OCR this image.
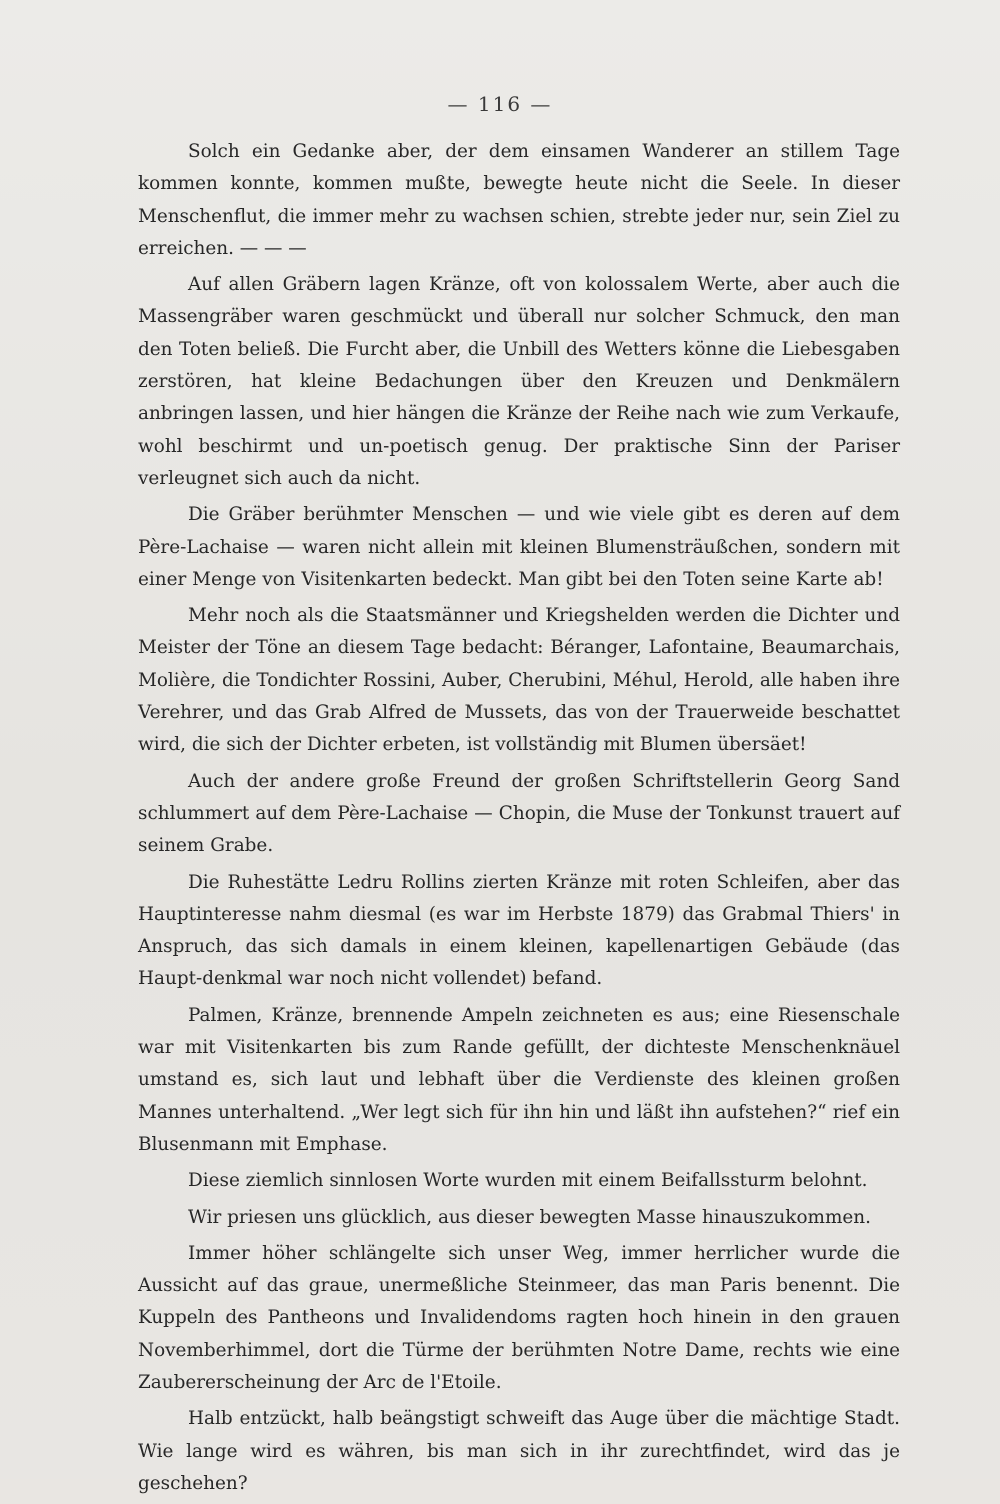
— 116 —

Solch ein Gedanke aber, der dem einsamen Wanderer an stillem Tage kommen konnte, kommen mußte, bewegte heute nicht die Seele. In dieser Menschenflut, die immer mehr zu wachsen schien, strebte jeder nur, sein Ziel zu erreichen. — — —

Auf allen Gräbern lagen Kränze, oft von kolossalem Werte, aber auch die Massengräber waren geschmückt und überall nur solcher Schmuck, den man den Toten beließ. Die Furcht aber, die Unbill des Wetters könne die Liebesgaben zerstören, hat kleine Bedachungen über den Kreuzen und Denkmälern anbringen lassen, und hier hängen die Kränze der Reihe nach wie zum Verkaufe, wohl beschirmt und un-poetisch genug. Der praktische Sinn der Pariser verleugnet sich auch da nicht.

Die Gräber berühmter Menschen — und wie viele gibt es deren auf dem Père-Lachaise — waren nicht allein mit kleinen Blumensträußchen, sondern mit einer Menge von Visitenkarten bedeckt. Man gibt bei den Toten seine Karte ab!

Mehr noch als die Staatsmänner und Kriegshelden werden die Dichter und Meister der Töne an diesem Tage bedacht: Béranger, Lafontaine, Beaumarchais, Molière, die Tondichter Rossini, Auber, Cherubini, Méhul, Herold, alle haben ihre Verehrer, und das Grab Alfred de Mussets, das von der Trauerweide beschattet wird, die sich der Dichter erbeten, ist vollständig mit Blumen übersäet!

Auch der andere große Freund der großen Schriftstellerin Georg Sand schlummert auf dem Père-Lachaise — Chopin, die Muse der Tonkunst trauert auf seinem Grabe.

Die Ruhestätte Ledru Rollins zierten Kränze mit roten Schleifen, aber das Hauptinteresse nahm diesmal (es war im Herbste 1879) das Grabmal Thiers' in Anspruch, das sich damals in einem kleinen, kapellenartigen Gebäude (das Haupt-denkmal war noch nicht vollendet) befand.

Palmen, Kränze, brennende Ampeln zeichneten es aus; eine Riesenschale war mit Visitenkarten bis zum Rande gefüllt, der dichteste Menschenknäuel umstand es, sich laut und lebhaft über die Verdienste des kleinen großen Mannes unterhaltend. „Wer legt sich für ihn hin und läßt ihn aufstehen?“ rief ein Blusenmann mit Emphase.

Diese ziemlich sinnlosen Worte wurden mit einem Beifallssturm belohnt.

Wir priesen uns glücklich, aus dieser bewegten Masse hinauszukommen.

Immer höher schlängelte sich unser Weg, immer herrlicher wurde die Aussicht auf das graue, unermeßliche Steinmeer, das man Paris benennt. Die Kuppeln des Pantheons und Invalidendoms ragten hoch hinein in den grauen Novemberhimmel, dort die Türme der berühmten Notre Dame, rechts wie eine Zaubererscheinung der Arc de l'Etoile.

Halb entzückt, halb beängstigt schweift das Auge über die mächtige Stadt. Wie lange wird es währen, bis man sich in ihr zurechtfindet, wird das je geschehen?
